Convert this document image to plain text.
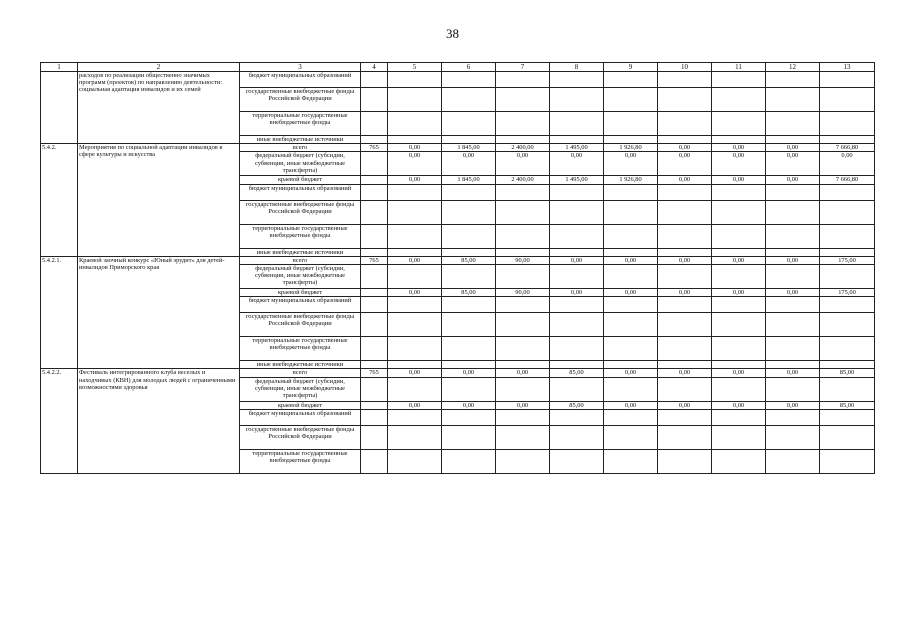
38
1	2	3	4	5	6	7	8	9	10	11	12	13
	расходов по реализации общественно значимых программ (проектов) по направлению деятельности: социальная адаптация инвалидов и их семей	бюджет муниципальных образований										
		государственные внебюджетные фонды Российской Федерации										
		территориальные государственные внебюджетные фонды										
		иные внебюджетные источники										
5.4.2.	Мероприятия по социальной адаптации инвалидов в сфере культуры и искусства	всего	765	0,00	1 845,00	2 400,00	1 495,00	1 926,80	0,00	0,00	0,00	7 666,80
		федеральный бюджет (субсидии, субвенции, иные межбюджетные трансферты)		0,00	0,00	0,00	0,00	0,00	0,00	0,00	0,00	0,00
		краевой бюджет		0,00	1 845,00	2 400,00	1 495,00	1 926,80	0,00	0,00	0,00	7 666,80
		бюджет муниципальных образований										
		государственные внебюджетные фонды Российской Федерации										
		территориальные государственные внебюджетные фонды										
		иные внебюджетные источники										
5.4.2.1.	Краевой заочный конкурс «Юный эрудит» для детей-инвалидов Приморского края	всего	765	0,00	85,00	90,00	0,00	0,00	0,00	0,00	0,00	175,00
		федеральный бюджет (субсидии, субвенции, иные межбюджетные трансферты)										
		краевой бюджет		0,00	85,00	90,00	0,00	0,00	0,00	0,00	0,00	175,00
		бюджет муниципальных образований										
		государственные внебюджетные фонды Российской Федерации										
		территориальные государственные внебюджетные фонды										
		иные внебюджетные источники										
5.4.2.2.	Фестиваль интегрированного клуба веселых и находчивых (КВН) для молодых людей с ограниченными возможностями здоровья	всего	765	0,00	0,00	0,00	85,00	0,00	0,00	0,00	0,00	85,00
		федеральный бюджет (субсидии, субвенции, иные межбюджетные трансферты)										
		краевой бюджет		0,00	0,00	0,00	85,00	0,00	0,00	0,00	0,00	85,00
		бюджет муниципальных образований										
		государственные внебюджетные фонды Российской Федерации										
		территориальные государственные внебюджетные фонды										
